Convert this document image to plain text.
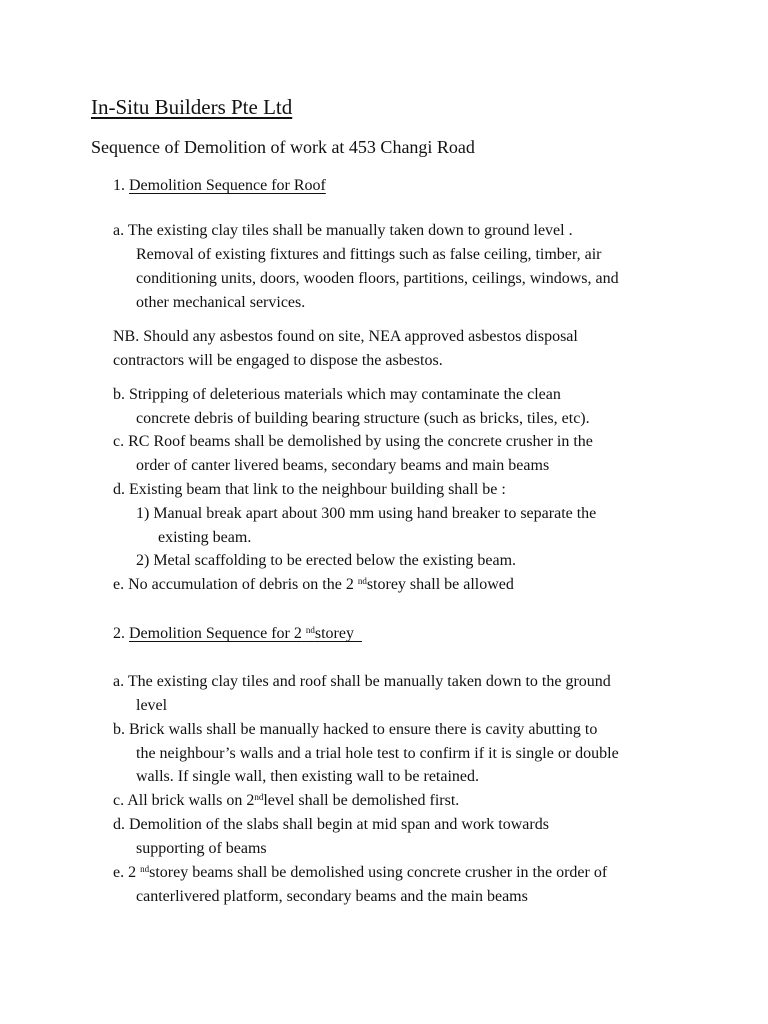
In-Situ Builders Pte Ltd
Sequence of Demolition of work at 453 Changi Road
1. Demolition Sequence for Roof
a. The existing clay tiles shall be manually taken down to ground level .
Removal of existing fixtures and fittings such as false ceiling, timber, air
conditioning units, doors, wooden floors, partitions, ceilings, windows, and
other mechanical services.
NB. Should any asbestos found on site, NEA approved asbestos disposal
contractors will be engaged to dispose the asbestos.
b. Stripping of deleterious materials which may contaminate the clean
concrete debris of building bearing structure (such as bricks, tiles, etc).
c. RC Roof beams shall be demolished by using the concrete crusher in the
order of canter livered beams, secondary beams and main beams
d. Existing beam that link to the neighbour building shall be :
1) Manual break apart about 300 mm using hand breaker to separate the
existing beam.
2) Metal scaffolding to be erected below the existing beam.
e. No accumulation of debris on the 2 $^{nd}$storey shall be allowed
2. Demolition Sequence for 2 $^{nd}$storey
a. The existing clay tiles and roof shall be manually taken down to the ground
level
b. Brick walls shall be manually hacked to ensure there is cavity abutting to
the neighbour’s walls and a trial hole test to confirm if it is single or double
walls. If single wall, then existing wall to be retained.
c. All brick walls on 2ndlevel shall be demolished first.
d. Demolition of the slabs shall begin at mid span and work towards
supporting of beams
e. 2 $^{nd}$storey beams shall be demolished using concrete crusher in the order of
canterlivered platform, secondary beams and the main beams
